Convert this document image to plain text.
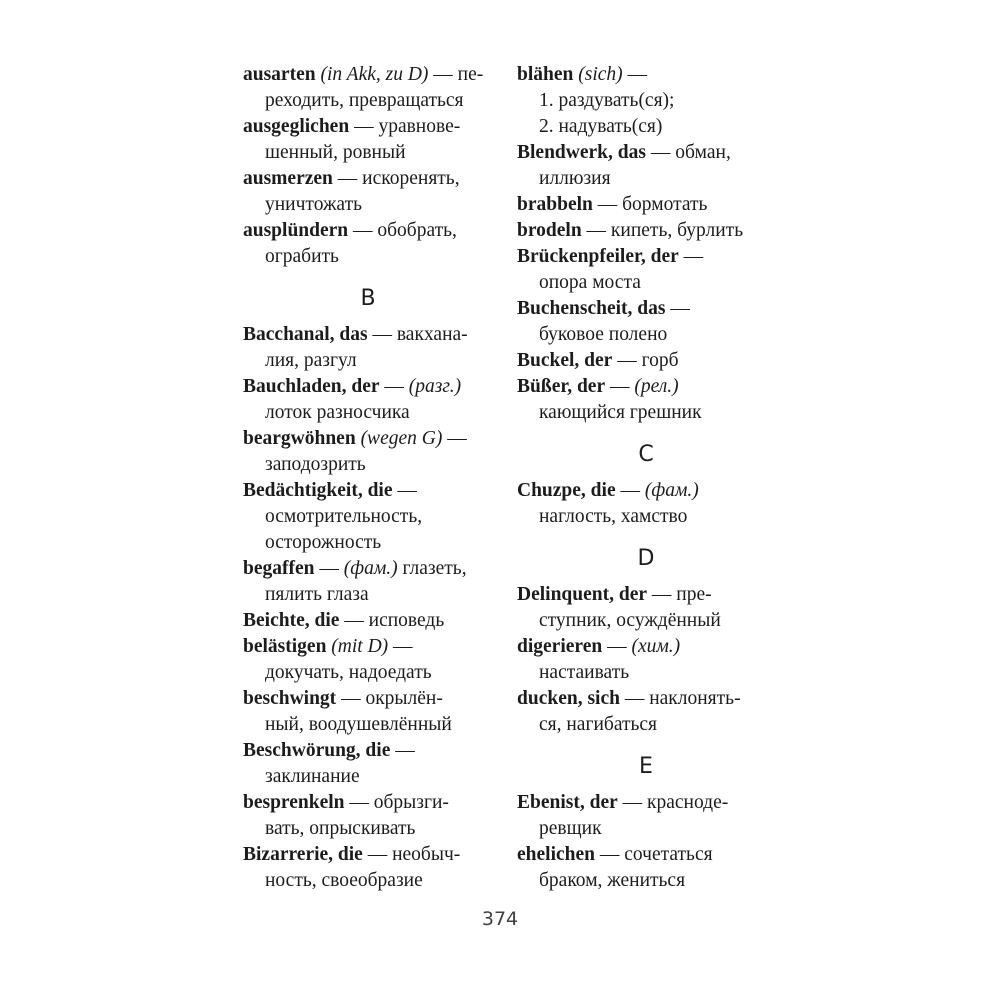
ausarten (in Akk, zu D) — пе-
реходить, превращаться
ausgeglichen — уравнове-
шенный, ровный
ausmerzen — искоренять,
уничтожать
ausplündern — обобрать,
ограбить
B
Bacchanal, das — вакхана-
лия, разгул
Bauchladen, der — (разг.)
лоток разносчика
beargwöhnen (wegen G) —
заподозрить
Bedächtigkeit, die —
осмотрительность,
осторожность
begaffen — (фам.) глазеть,
пялить глаза
Beichte, die — исповедь
belästigen (mit D) —
докучать, надоедать
beschwingt — окрылён-
ный, воодушевлённый
Beschwörung, die —
заклинание
besprenkeln — обрызги-
вать, опрыскивать
Bizarrerie, die — необыч-
ность, своеобразие
blähen (sich) —
1. раздувать(ся);
2. надувать(ся)
Blendwerk, das — обман,
иллюзия
brabbeln — бормотать
brodeln — кипеть, бурлить
Brückenpfeiler, der —
опора моста
Buchenscheit, das —
буковое полено
Buckel, der — горб
Büßer, der — (рел.)
кающийся грешник
C
Chuzpe, die — (фам.)
наглость, хамство
D
Delinquent, der — пре-
ступник, осуждённый
digerieren — (хим.)
настаивать
ducken, sich — наклонять-
ся, нагибаться
E
Ebenist, der — красноде-
ревщик
ehelichen — сочетаться
браком, жениться
374
